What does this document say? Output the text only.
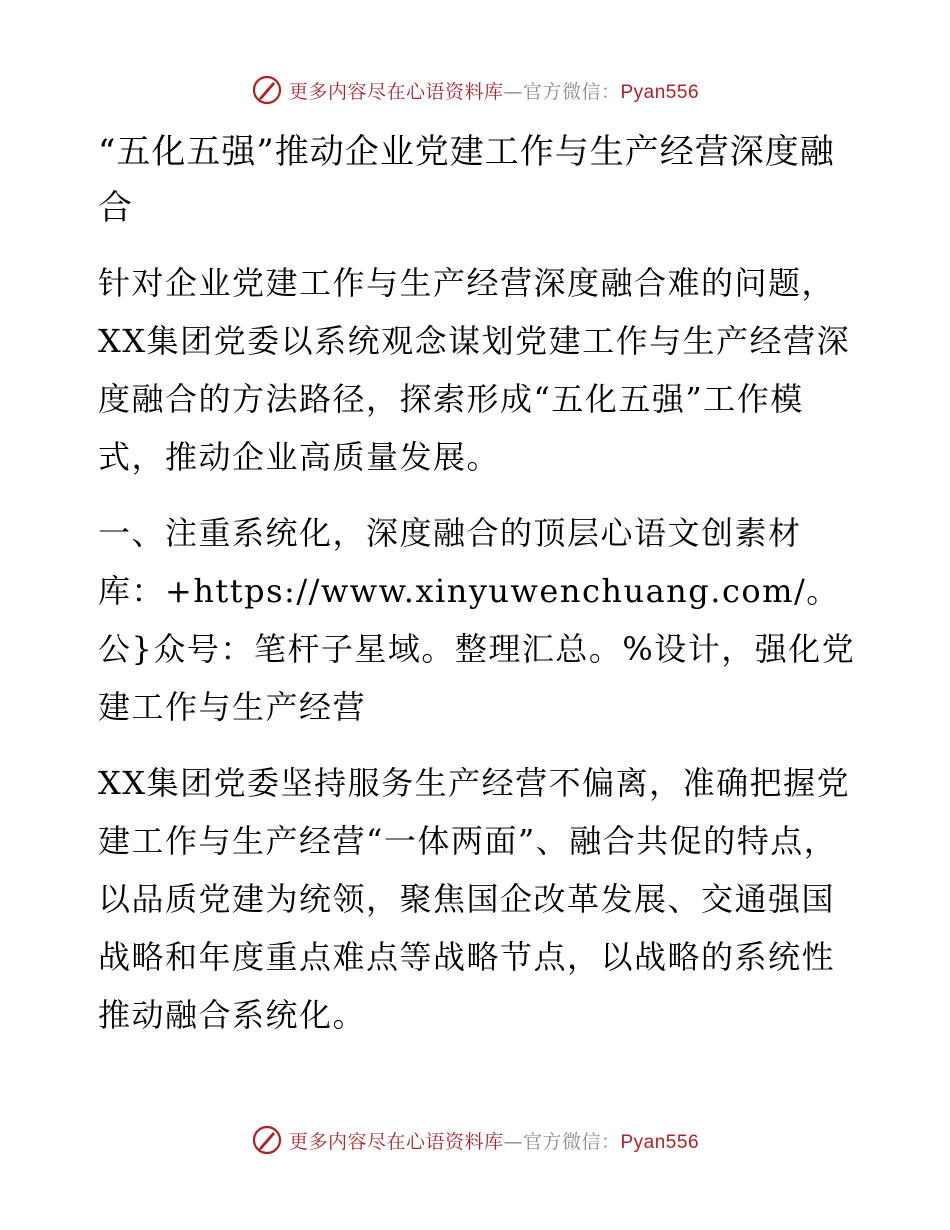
更多内容尽在心语资料库—官方微信：Pyan556
“五化五强”推动企业党建工作与生产经营深度融合

针对企业党建工作与生产经营深度融合难的问题，XX集团党委以系统观念谋划党建工作与生产经营深度融合的方法路径，探索形成“五化五强”工作模式，推动企业高质量发展。

一、注重系统化，深度融合的顶层心语文创素材库：+https://www.xinyuwenchuang.com/。公}众号：笔杆子星域。整理汇总。%设计，强化党建工作与生产经营

XX集团党委坚持服务生产经营不偏离，准确把握党建工作与生产经营“一体两面”、融合共促的特点，以品质党建为统领，聚焦国企改革发展、交通强国战略和年度重点难点等战略节点，以战略的系统性推动融合系统化。

更多内容尽在心语资料库—官方微信：Pyan556
